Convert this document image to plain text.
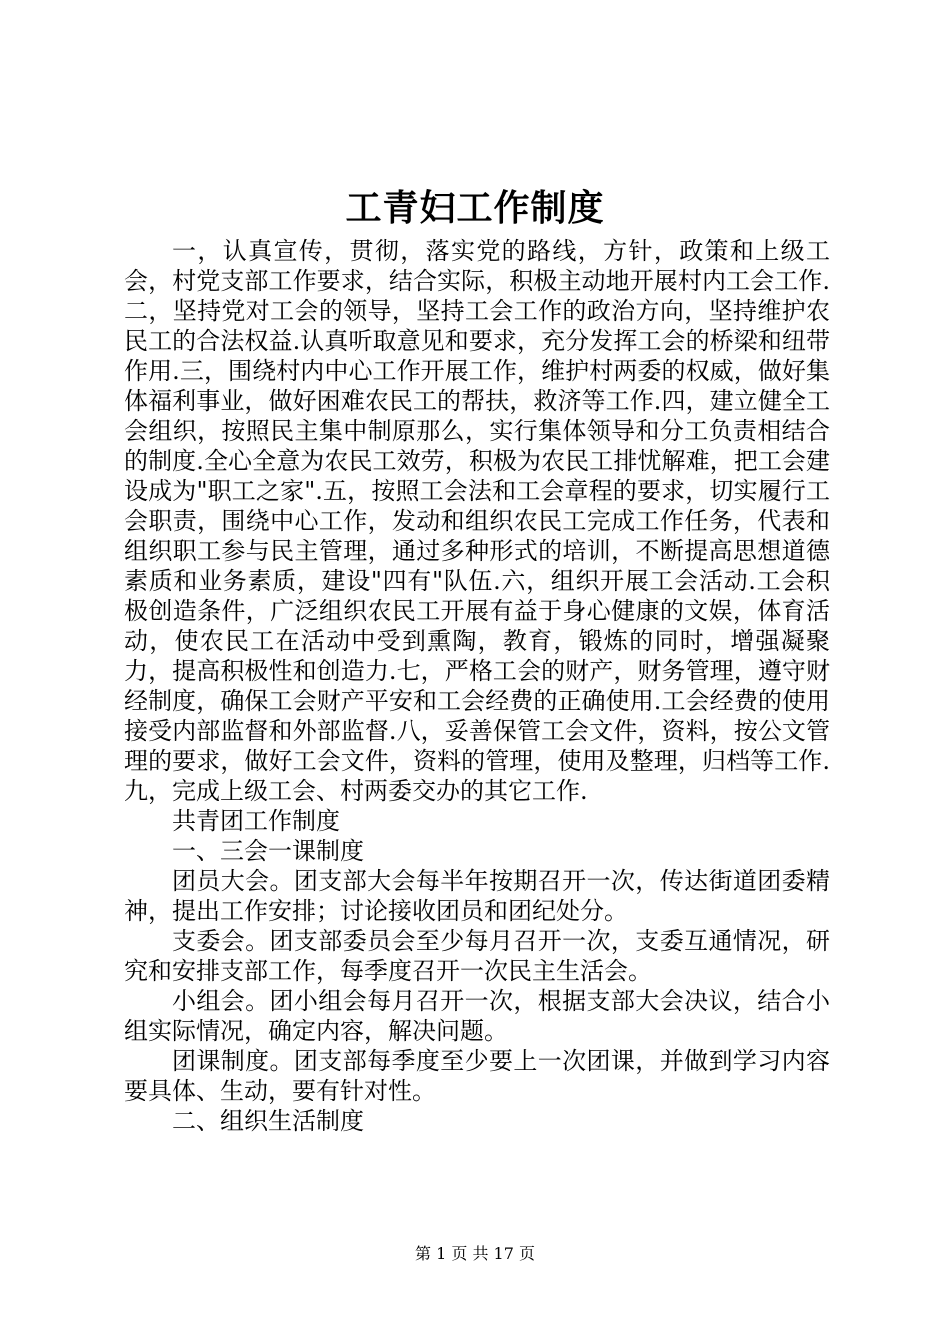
工青妇工作制度

一，认真宣传，贯彻，落实党的路线，方针，政策和上级工会，村党支部工作要求，结合实际，积极主动地开展村内工会工作.二，坚持党对工会的领导，坚持工会工作的政治方向，坚持维护农民工的合法权益.认真听取意见和要求，充分发挥工会的桥梁和纽带作用.三，围绕村内中心工作开展工作，维护村两委的权威，做好集体福利事业，做好困难农民工的帮扶，救济等工作.四，建立健全工会组织，按照民主集中制原那么，实行集体领导和分工负责相结合的制度.全心全意为农民工效劳，积极为农民工排忧解难，把工会建设成为"职工之家".五，按照工会法和工会章程的要求，切实履行工会职责，围绕中心工作，发动和组织农民工完成工作任务，代表和组织职工参与民主管理，通过多种形式的培训，不断提高思想道德素质和业务素质，建设"四有"队伍.六，组织开展工会活动.工会积极创造条件，广泛组织农民工开展有益于身心健康的文娱，体育活动，使农民工在活动中受到熏陶，教育，锻炼的同时，增强凝聚力，提高积极性和创造力.七，严格工会的财产，财务管理，遵守财经制度，确保工会财产平安和工会经费的正确使用.工会经费的使用接受内部监督和外部监督.八，妥善保管工会文件，资料，按公文管理的要求，做好工会文件，资料的管理，使用及整理，归档等工作.九，完成上级工会、村两委交办的其它工作.

共青团工作制度

一、三会一课制度

团员大会。团支部大会每半年按期召开一次，传达街道团委精神，提出工作安排；讨论接收团员和团纪处分。

支委会。团支部委员会至少每月召开一次，支委互通情况，研究和安排支部工作，每季度召开一次民主生活会。

小组会。团小组会每月召开一次，根据支部大会决议，结合小组实际情况，确定内容，解决问题。

团课制度。团支部每季度至少要上一次团课，并做到学习内容要具体、生动，要有针对性。

二、组织生活制度

第 1 页 共 17 页
